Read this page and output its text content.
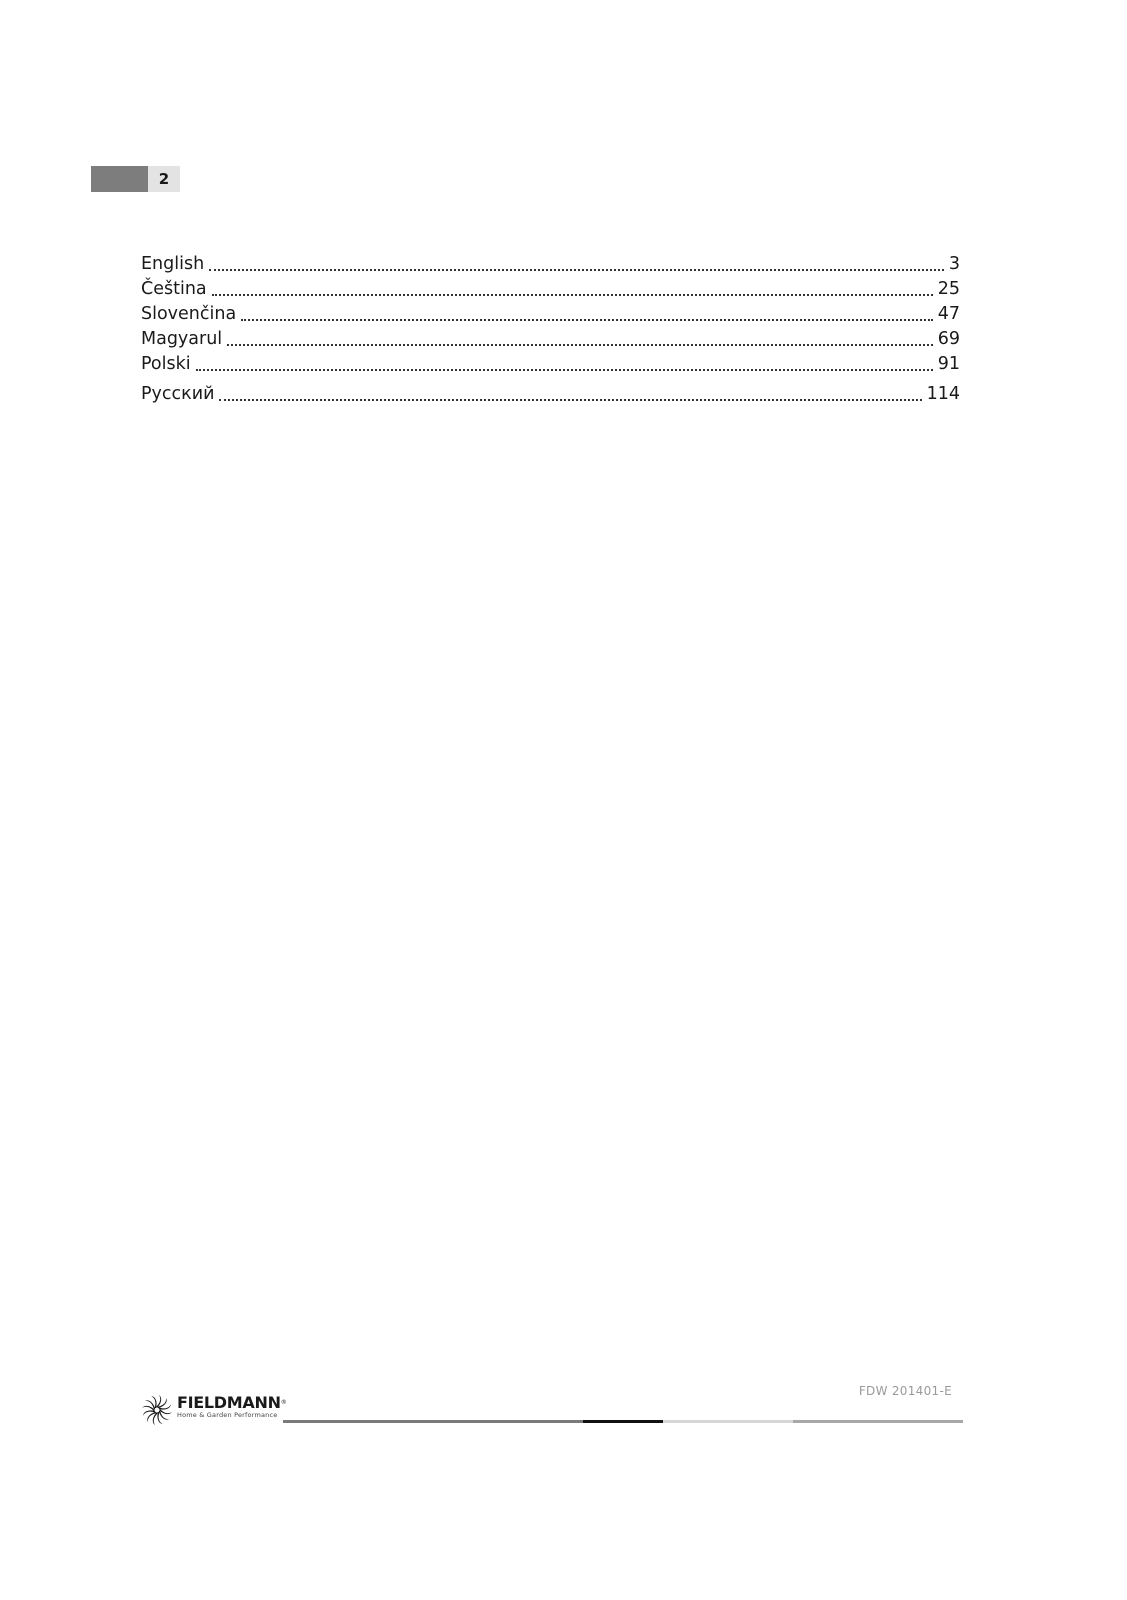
2
English	3
Čeština	25
Slovenčina	47
Magyarul	69
Polski	91
Русский	114
FIELDMANN®
Home & Garden Performance
FDW 201401-E
